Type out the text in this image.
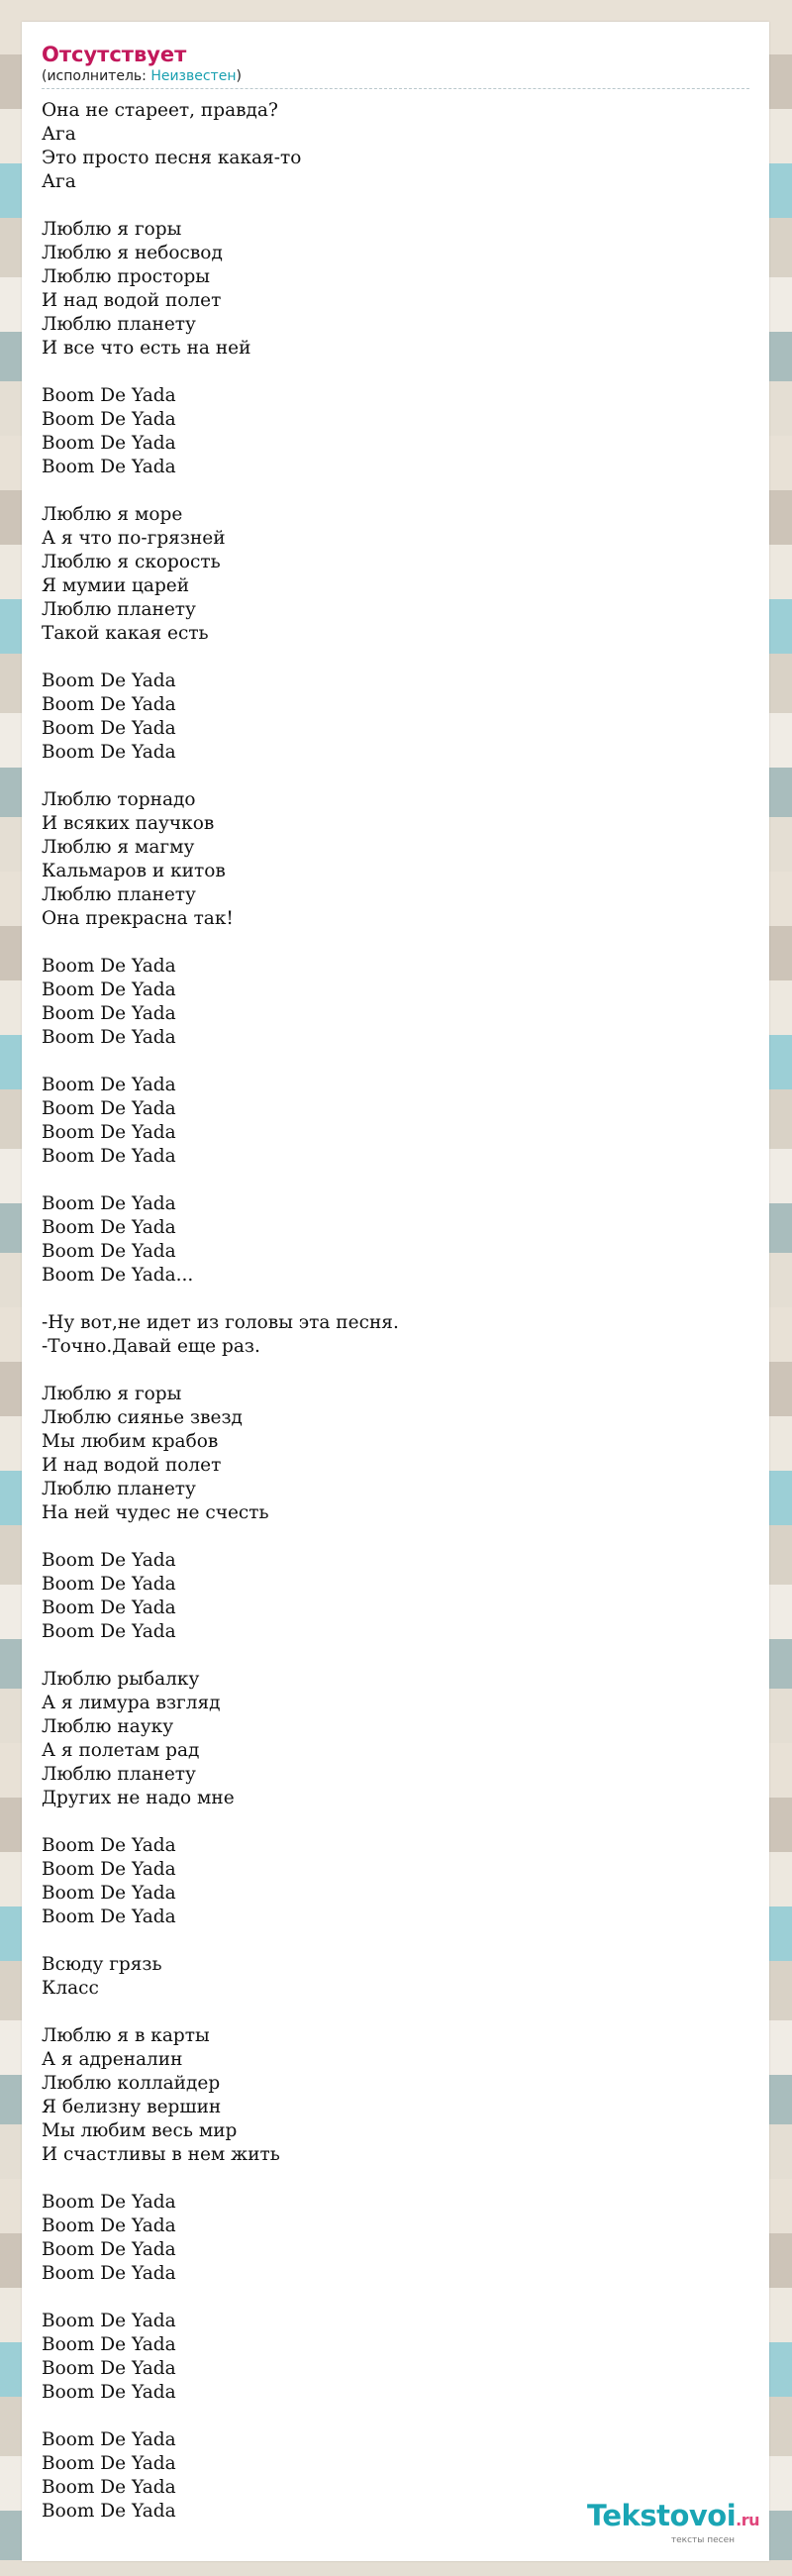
Отсутствует
(исполнитель: Неизвестен)
Она не стареет, правда?
Ага
Это просто песня какая-то
Ага
Люблю я горы
Люблю я небосвод
Люблю просторы
И над водой полет
Люблю планету
И все что есть на ней
Boom De Yada
Boom De Yada
Boom De Yada
Boom De Yada
Люблю я море
А я что по-грязней
Люблю я скорость
Я мумии царей
Люблю планету
Такой какая есть
Boom De Yada
Boom De Yada
Boom De Yada
Boom De Yada
Люблю торнадо
И всяких паучков
Люблю я магму
Кальмаров и китов
Люблю планету
Она прекрасна так!
Boom De Yada
Boom De Yada
Boom De Yada
Boom De Yada
Boom De Yada
Boom De Yada
Boom De Yada
Boom De Yada
Boom De Yada
Boom De Yada
Boom De Yada
Boom De Yada...
-Ну вот,не идет из головы эта песня.
-Точно.Давай еще раз.
Люблю я горы
Люблю сиянье звезд
Мы любим крабов
И над водой полет
Люблю планету
На ней чудес не счесть
Boom De Yada
Boom De Yada
Boom De Yada
Boom De Yada
Люблю рыбалку
А я лимура взгляд
Люблю науку
А я полетам рад
Люблю планету
Других не надо мне
Boom De Yada
Boom De Yada
Boom De Yada
Boom De Yada
Всюду грязь
Класс
Люблю я в карты
А я адреналин
Люблю коллайдер
Я белизну вершин
Мы любим весь мир
И счастливы в нем жить
Boom De Yada
Boom De Yada
Boom De Yada
Boom De Yada
Boom De Yada
Boom De Yada
Boom De Yada
Boom De Yada
Boom De Yada
Boom De Yada
Boom De Yada
Boom De Yada	Tekstovoi.ru
тексты песен
